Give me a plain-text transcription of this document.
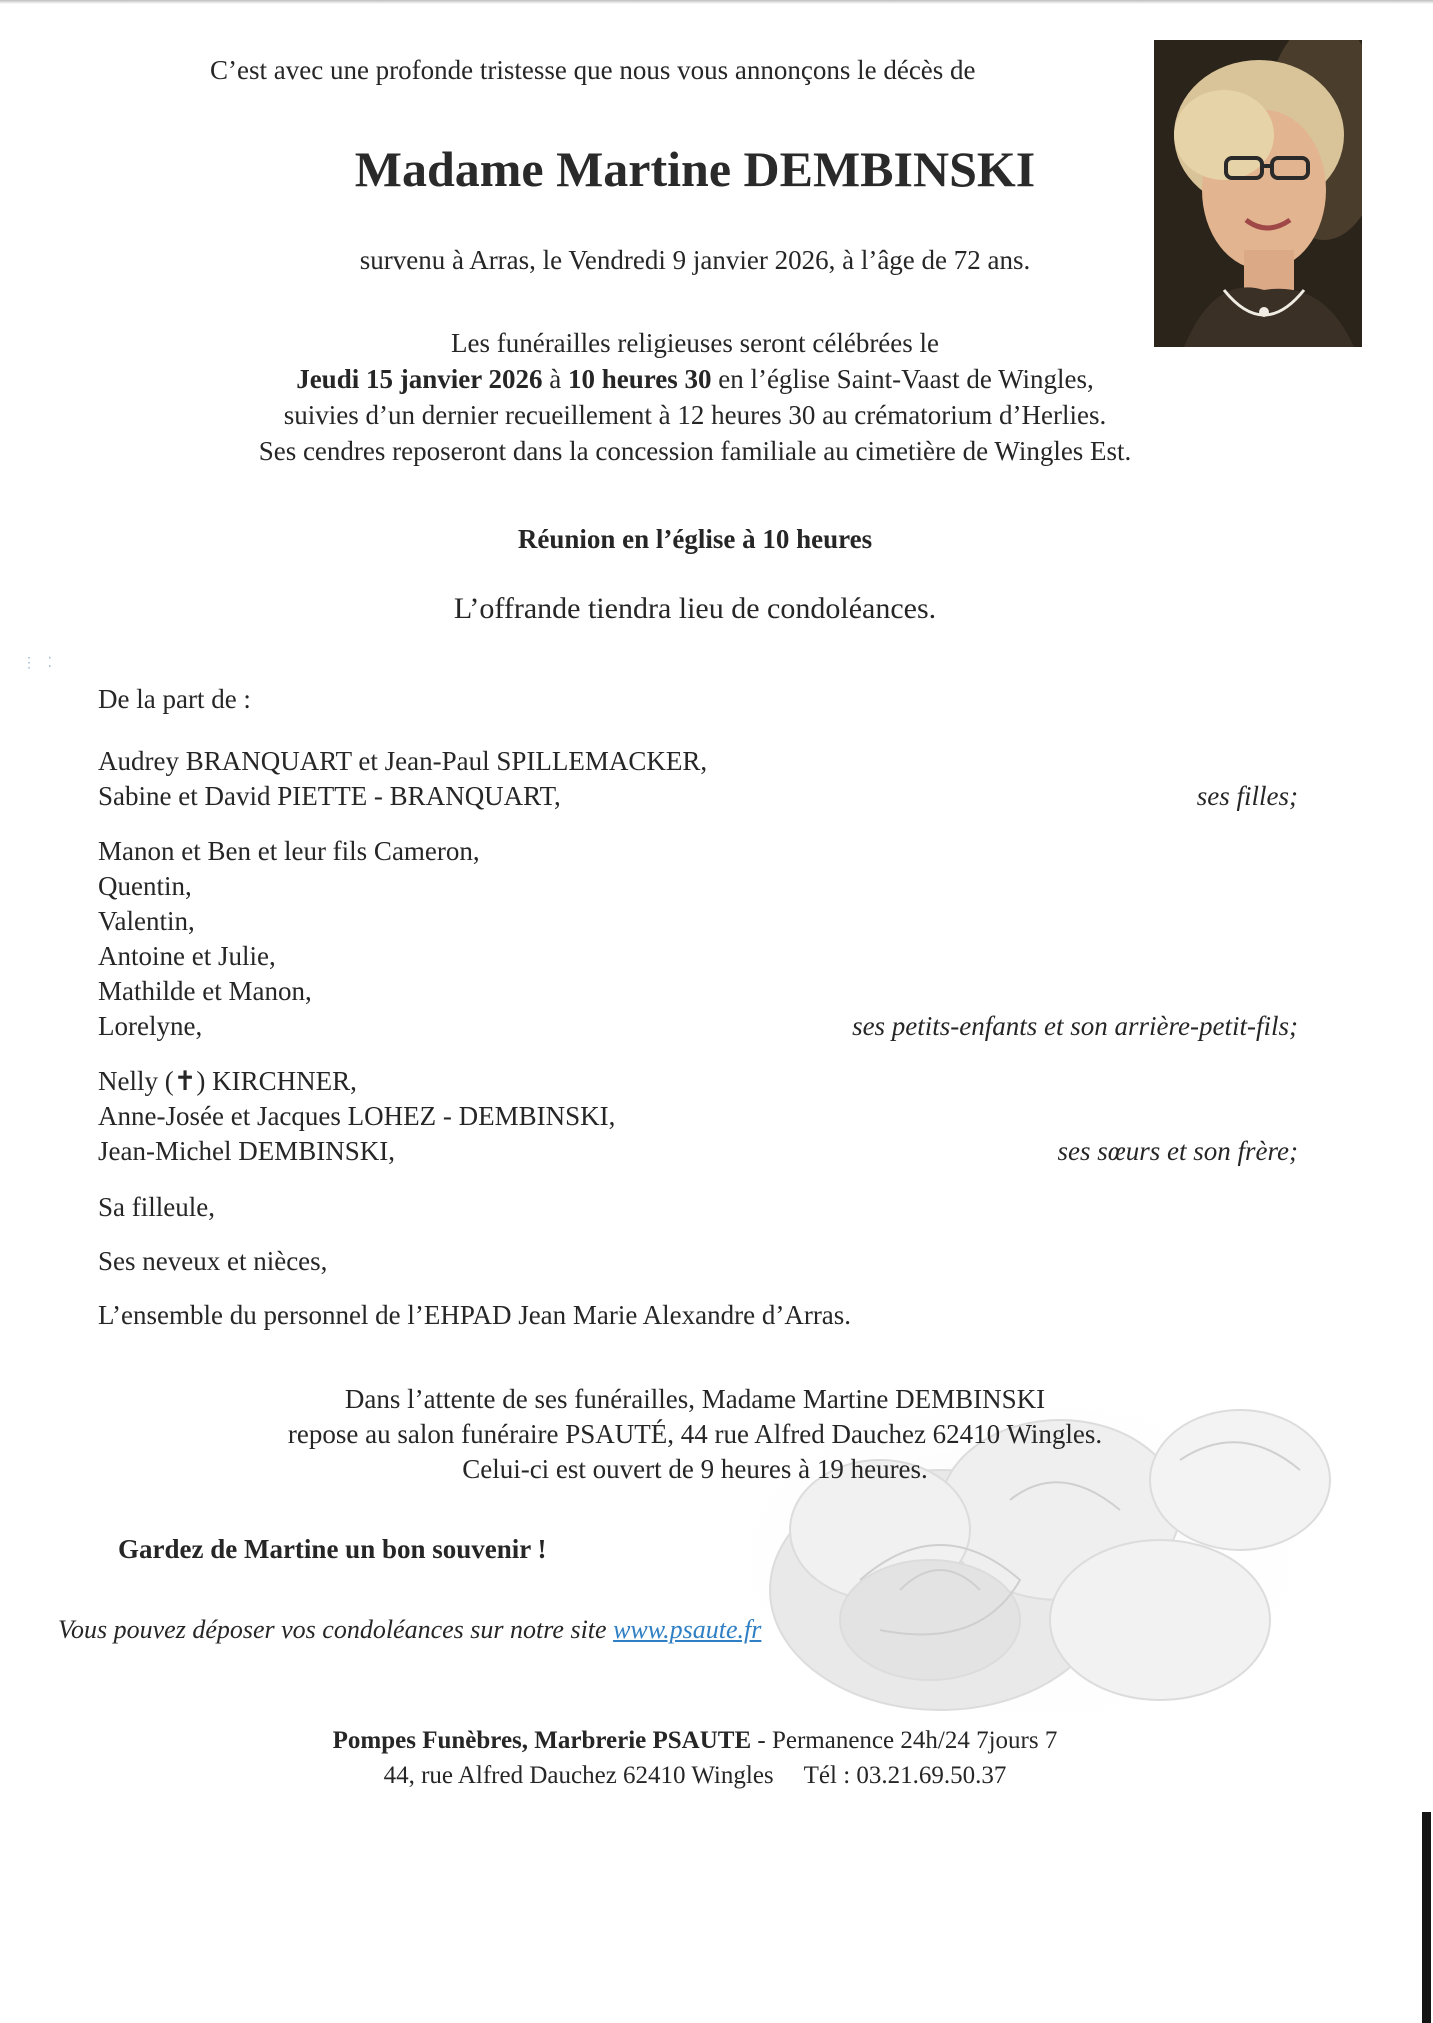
⋮ ⁚
C’est avec une profonde tristesse que nous vous annonçons le décès de
Madame Martine DEMBINSKI
survenu à Arras, le Vendredi 9 janvier 2026, à l’âge de 72 ans.
Les funérailles religieuses seront célébrées le
Jeudi 15 janvier 2026 à 10 heures 30 en l’église Saint-Vaast de Wingles,
suivies d’un dernier recueillement à 12 heures 30 au crématorium d’Herlies.
Ses cendres reposeront dans la concession familiale au cimetière de Wingles Est.
Réunion en l’église à 10 heures
L’offrande tiendra lieu de condoléances.
De la part de :
Audrey BRANQUART et Jean-Paul SPILLEMACKER,
Sabine et David PIETTE - BRANQUART,	ses filles;
Manon et Ben et leur fils Cameron,
Quentin,
Valentin,
Antoine et Julie,
Mathilde et Manon,
Lorelyne,	ses petits-enfants et son arrière-petit-fils;
Nelly (✝) KIRCHNER,
Anne-Josée et Jacques LOHEZ - DEMBINSKI,
Jean-Michel DEMBINSKI,	ses sœurs et son frère;
Sa filleule,
Ses neveux et nièces,
L’ensemble du personnel de l’EHPAD Jean Marie Alexandre d’Arras.
Dans l’attente de ses funérailles, Madame Martine DEMBINSKI
repose au salon funéraire PSAUTÉ, 44 rue Alfred Dauchez 62410 Wingles.
Celui-ci est ouvert de 9 heures à 19 heures.
Gardez de Martine un bon souvenir !
Vous pouvez déposer vos condoléances sur notre site www.psaute.fr
Pompes Funèbres, Marbrerie PSAUTE - Permanence 24h/24 7jours 7
44, rue Alfred Dauchez 62410 Wingles Tél : 03.21.69.50.37
